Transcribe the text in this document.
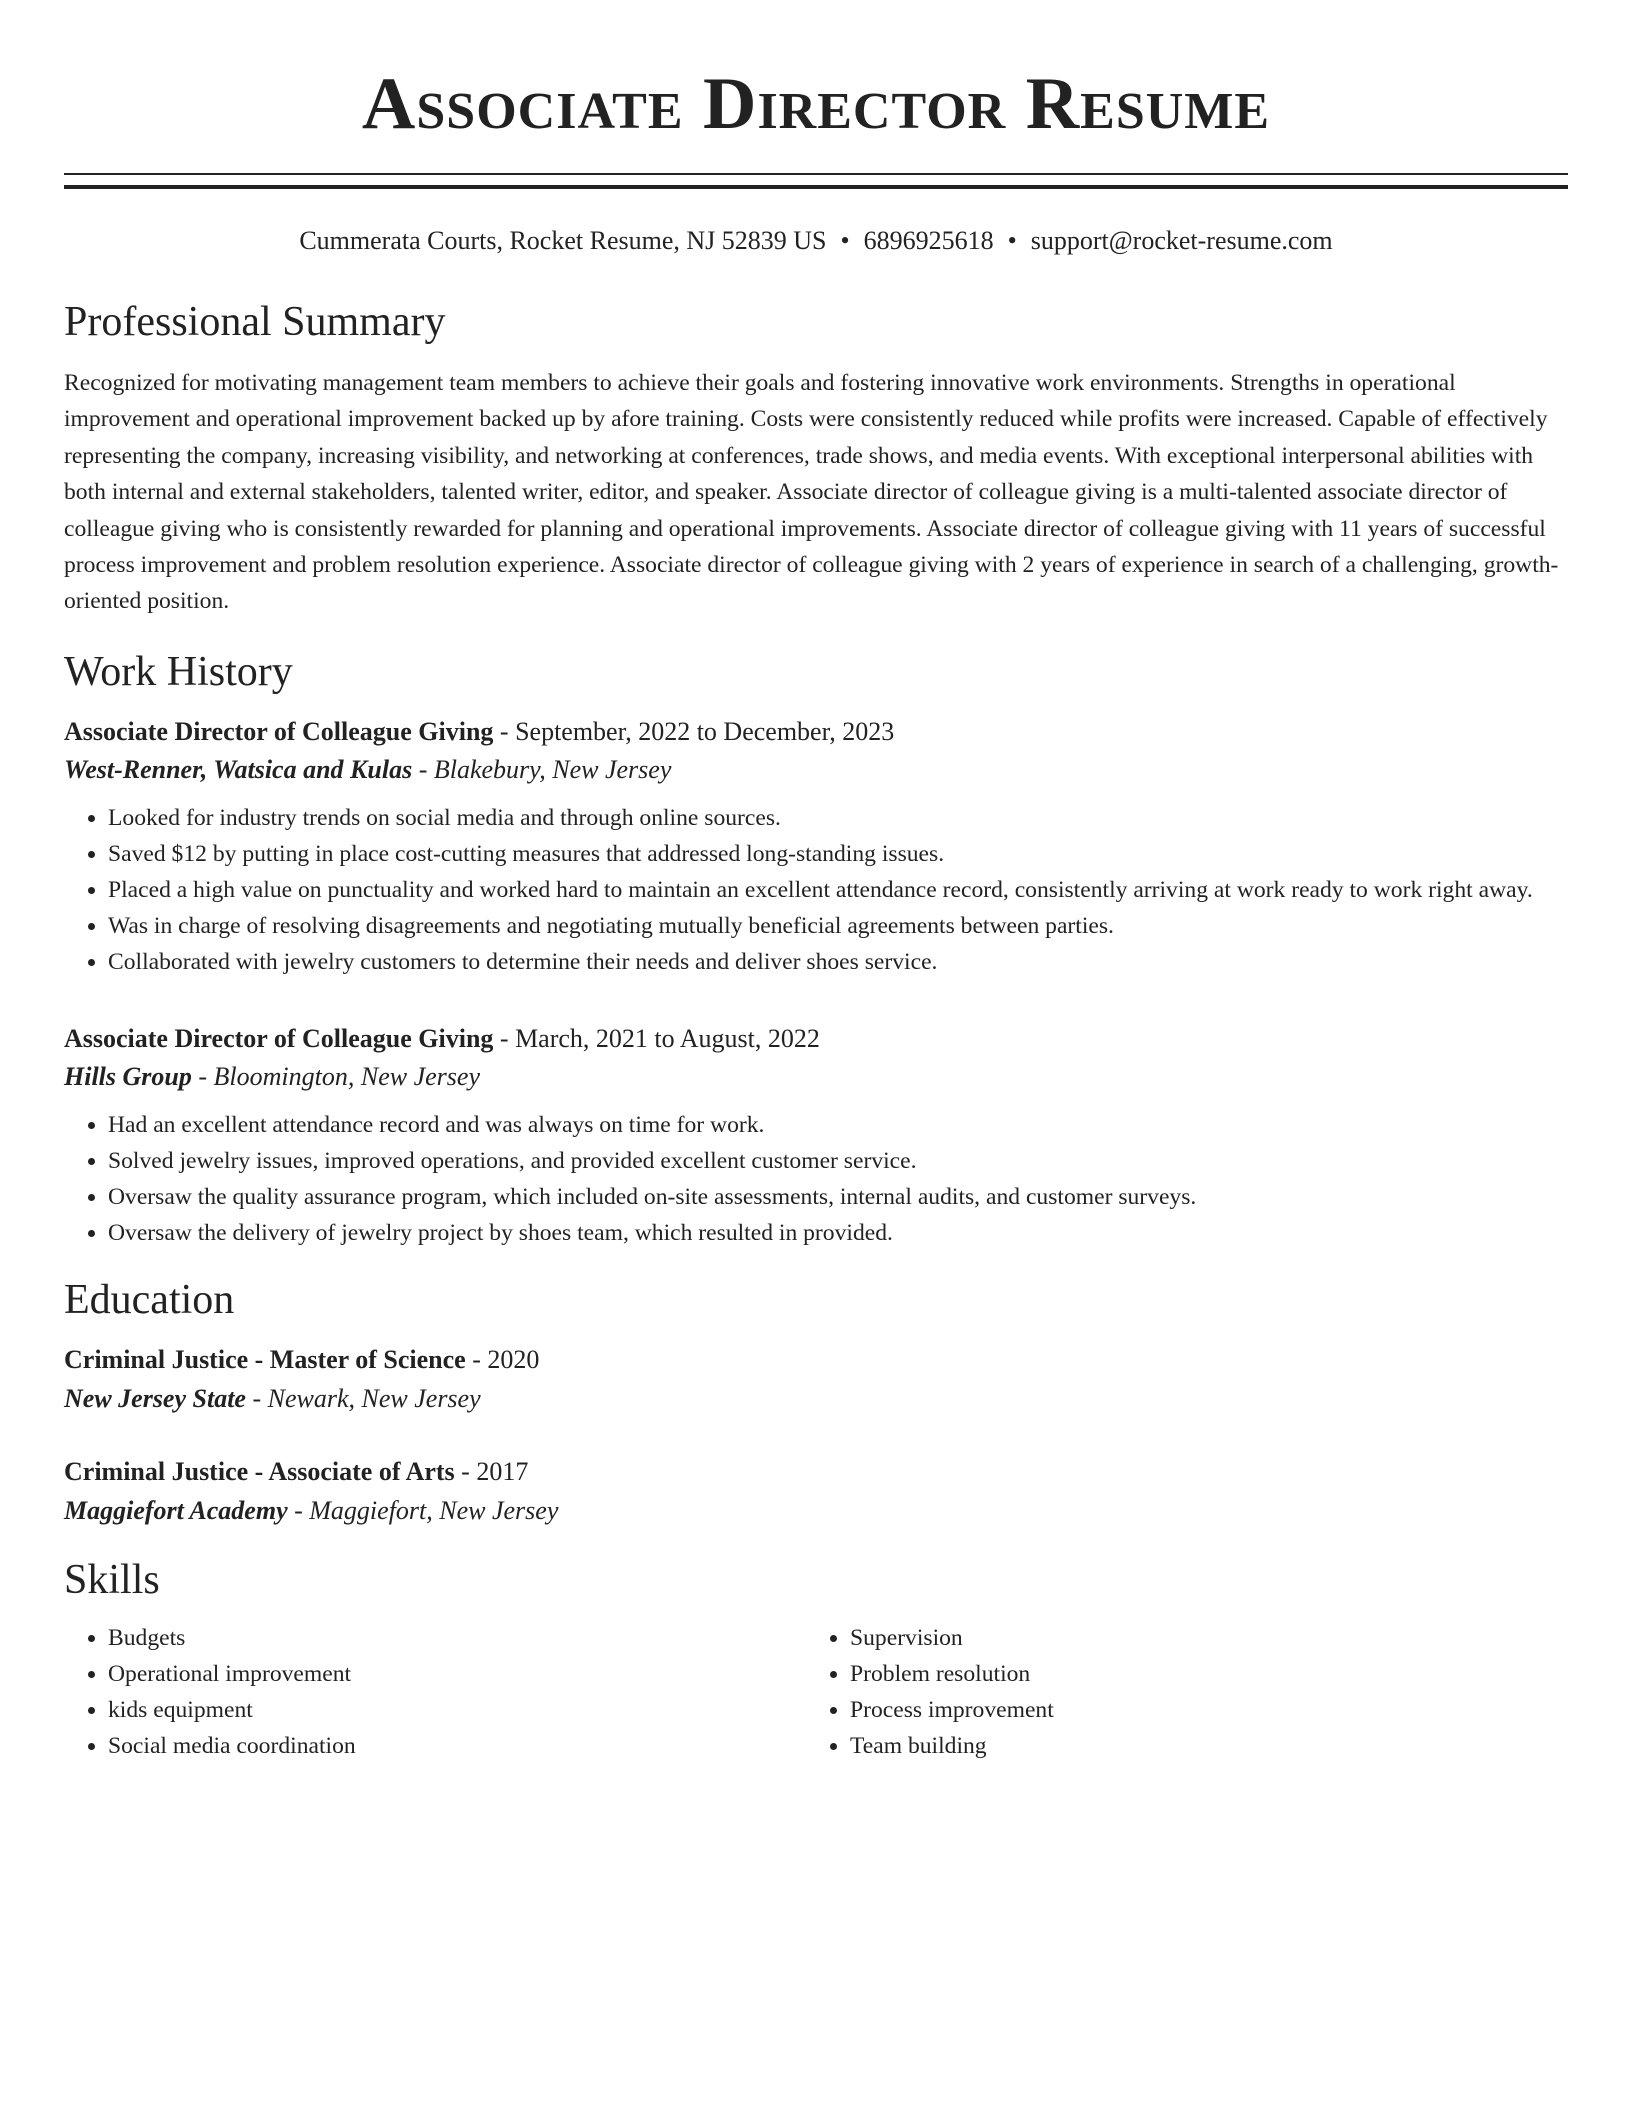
Associate Director Resume
Cummerata Courts, Rocket Resume, NJ 52839 US • 6896925618 • support@rocket-resume.com
Professional Summary

Recognized for motivating management team members to achieve their goals and fostering innovative work environments. Strengths in operational improvement and operational improvement backed up by afore training. Costs were consistently reduced while profits were increased. Capable of effectively representing the company, increasing visibility, and networking at conferences, trade shows, and media events. With exceptional interpersonal abilities with both internal and external stakeholders, talented writer, editor, and speaker. Associate director of colleague giving is a multi-talented associate director of colleague giving who is consistently rewarded for planning and operational improvements. Associate director of colleague giving with 11 years of successful process improvement and problem resolution experience. Associate director of colleague giving with 2 years of experience in search of a challenging, growth-oriented position.

Work History
Associate Director of Colleague Giving - September, 2022 to December, 2023
West-Renner, Watsica and Kulas - Blakebury, New Jersey
• Looked for industry trends on social media and through online sources.
• Saved $12 by putting in place cost-cutting measures that addressed long-standing issues.
• Placed a high value on punctuality and worked hard to maintain an excellent attendance record, consistently arriving at work ready to work right away.
• Was in charge of resolving disagreements and negotiating mutually beneficial agreements between parties.
• Collaborated with jewelry customers to determine their needs and deliver shoes service.
Associate Director of Colleague Giving - March, 2021 to August, 2022
Hills Group - Bloomington, New Jersey
• Had an excellent attendance record and was always on time for work.
• Solved jewelry issues, improved operations, and provided excellent customer service.
• Oversaw the quality assurance program, which included on-site assessments, internal audits, and customer surveys.
• Oversaw the delivery of jewelry project by shoes team, which resulted in provided.
Education
Criminal Justice - Master of Science - 2020
New Jersey State - Newark, New Jersey
Criminal Justice - Associate of Arts - 2017
Maggiefort Academy - Maggiefort, New Jersey
Skills
• Budgets
• Operational improvement
• kids equipment
• Social media coordination
• Supervision
• Problem resolution
• Process improvement
• Team building
